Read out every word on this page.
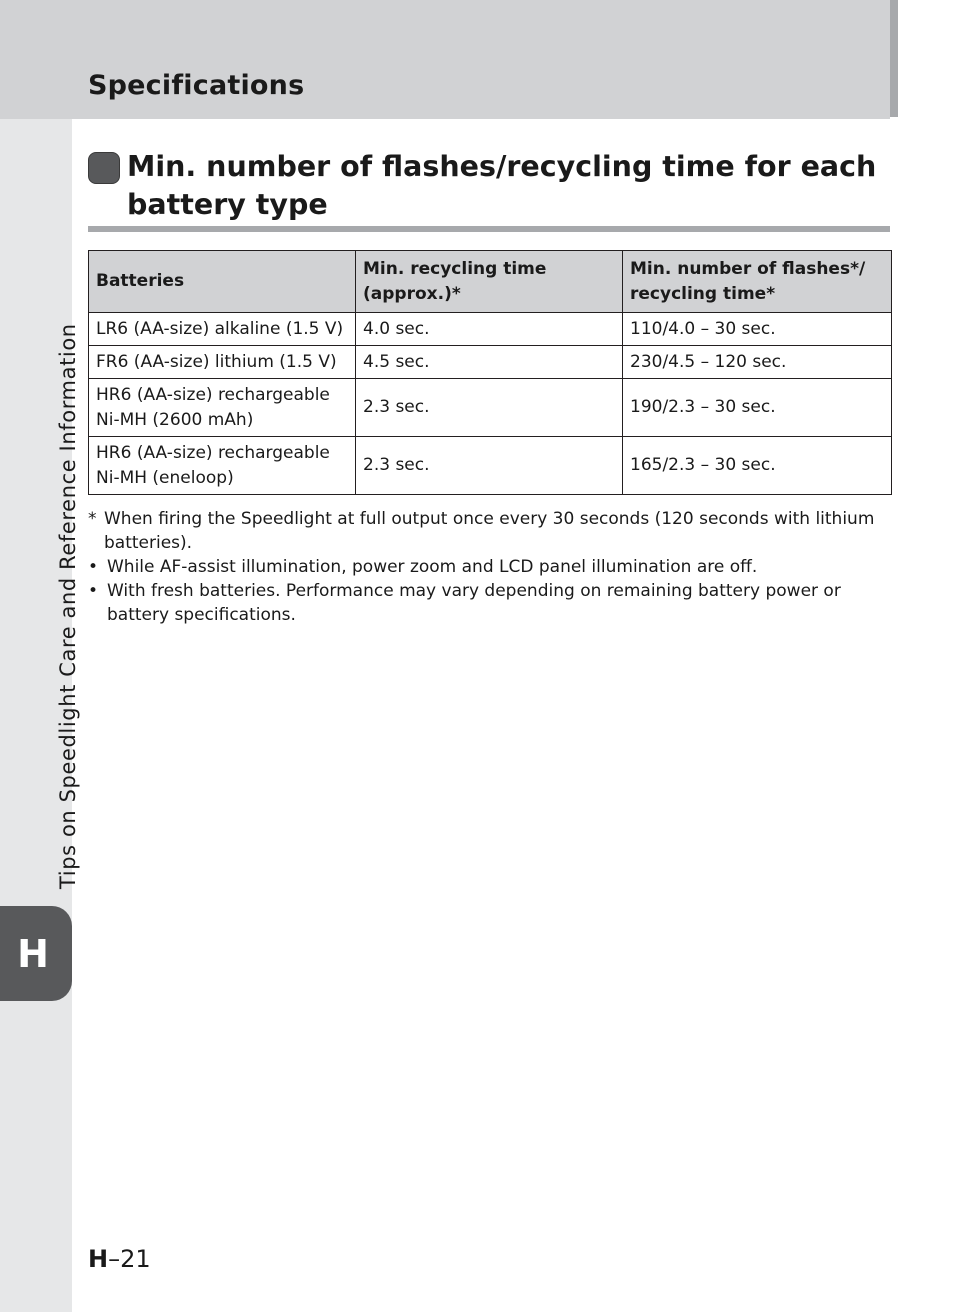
Specifications
Tips on Speedlight Care and Reference Information
H
Min. number of flashes/recycling time for each battery type
Batteries	Min. recycling time (approx.)*	Min. number of flashes*/ recycling time*
LR6 (AA-size) alkaline (1.5 V)	4.0 sec.	110/4.0 – 30 sec.
FR6 (AA-size) lithium (1.5 V)	4.5 sec.	230/4.5 – 120 sec.
HR6 (AA-size) rechargeable Ni-MH (2600 mAh)	2.3 sec.	190/2.3 – 30 sec.
HR6 (AA-size) rechargeable Ni-MH (eneloop)	2.3 sec.	165/2.3 – 30 sec.
* When firing the Speedlight at full output once every 30 seconds (120 seconds with lithium batteries).
• While AF-assist illumination, power zoom and LCD panel illumination are off.
• With fresh batteries. Performance may vary depending on remaining battery power or battery specifications.
H–21
